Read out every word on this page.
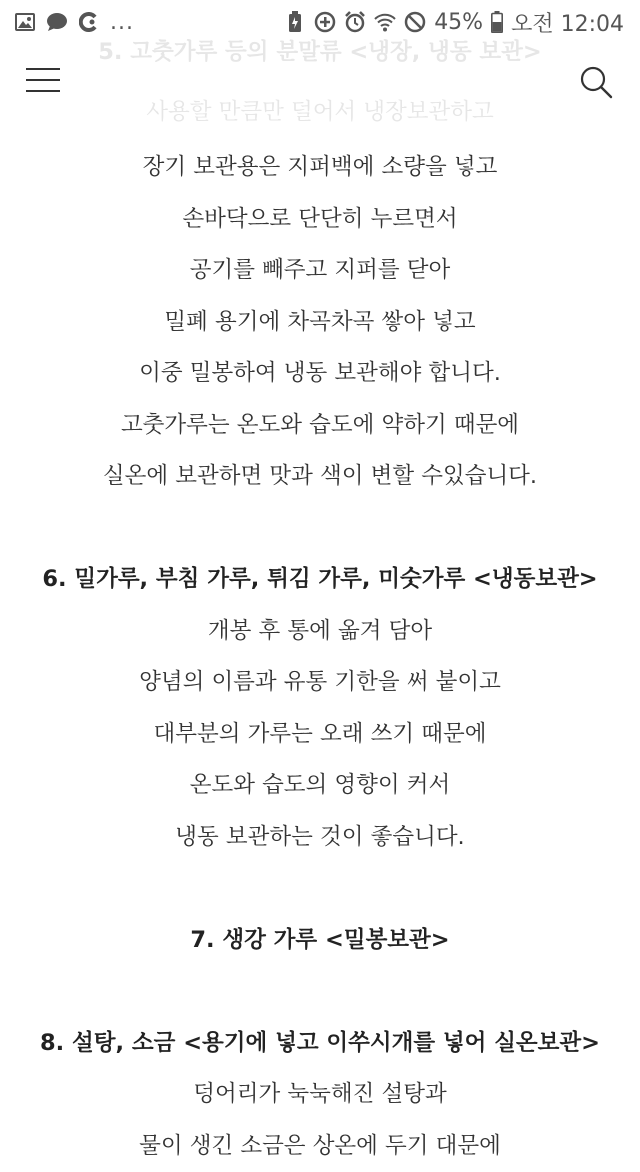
...	45% 오전 12:04
5. 고춧가루 등의 분말류 <냉장, 냉동 보관>
사용할 만큼만 덜어서 냉장보관하고
장기 보관용은 지퍼백에 소량을 넣고
손바닥으로 단단히 누르면서
공기를 빼주고 지퍼를 닫아
밀폐 용기에 차곡차곡 쌓아 넣고
이중 밀봉하여 냉동 보관해야 합니다.
고춧가루는 온도와 습도에 약하기 때문에
실온에 보관하면 맛과 색이 변할 수있습니다.
6. 밀가루, 부침 가루, 튀김 가루, 미숫가루 <냉동보관>
개봉 후 통에 옮겨 담아
양념의 이름과 유통 기한을 써 붙이고
대부분의 가루는 오래 쓰기 때문에
온도와 습도의 영향이 커서
냉동 보관하는 것이 좋습니다.
7. 생강 가루 <밀봉보관>
8. 설탕, 소금 <용기에 넣고 이쑤시개를 넣어 실온보관>
덩어리가 눅눅해진 설탕과
물이 생긴 소금은 상온에 두기 대문에
